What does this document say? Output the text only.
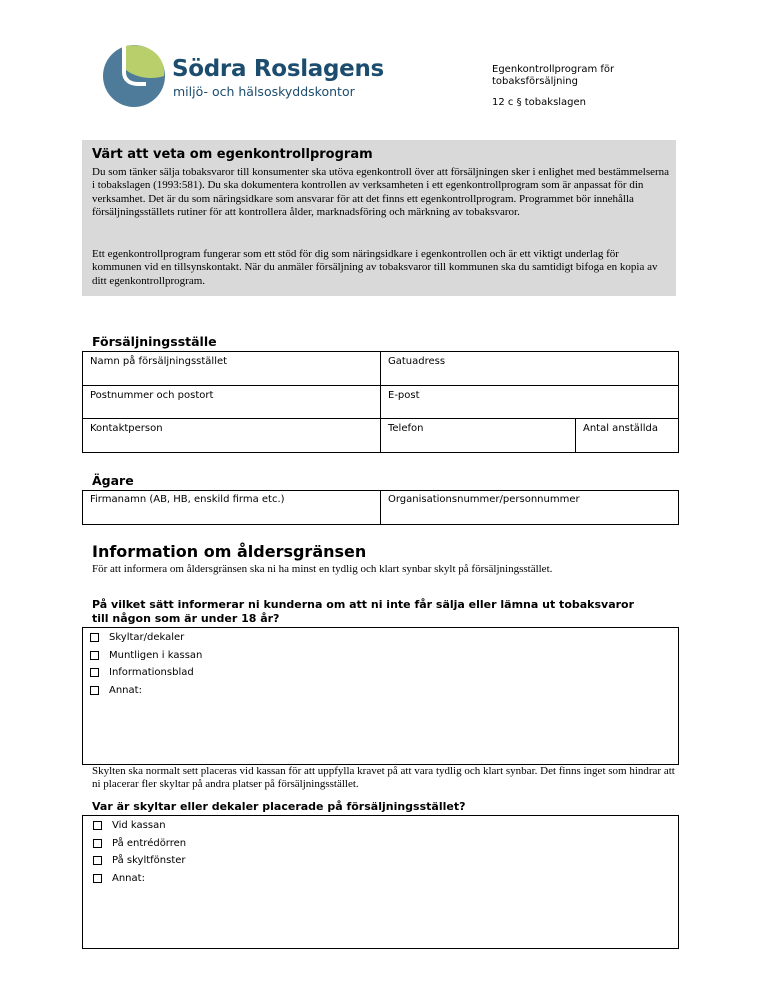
Södra Roslagens
miljö- och hälsoskyddskontor
Egenkontrollprogram för tobaksförsäljning
12 c § tobakslagen
Värt att veta om egenkontrollprogram
Du som tänker sälja tobaksvaror till konsumenter ska utöva egenkontroll över att försäljningen sker i enlighet med bestämmelserna i tobakslagen (1993:581). Du ska dokumentera kontrollen av verksamheten i ett egenkontrollprogram som är anpassat för din verksamhet. Det är du som näringsidkare som ansvarar för att det finns ett egenkontrollprogram. Programmet bör innehålla försäljningsställets rutiner för att kontrollera ålder, marknadsföring och märkning av tobaksvaror.
Ett egenkontrollprogram fungerar som ett stöd för dig som näringsidkare i egenkontrollen och är ett viktigt underlag för kommunen vid en tillsynskontakt. När du anmäler försäljning av tobaksvaror till kommunen ska du samtidigt bifoga en kopia av ditt egenkontrollprogram.
Försäljningsställe
Namn på försäljningsstället	Gatuadress
Postnummer och postort	E-post
Kontaktperson	Telefon	Antal anställda
Ägare
Firmanamn (AB, HB, enskild firma etc.)	Organisationsnummer/personnummer
Information om åldersgränsen
För att informera om åldersgränsen ska ni ha minst en tydlig och klart synbar skylt på försäljningsstället.
På vilket sätt informerar ni kunderna om att ni inte får sälja eller lämna ut tobaksvaror till någon som är under 18 år?
Skyltar/dekaler
Muntligen i kassan
Informationsblad
Annat:
Skylten ska normalt sett placeras vid kassan för att uppfylla kravet på att vara tydlig och klart synbar. Det finns inget som hindrar att ni placerar fler skyltar på andra platser på försäljningsstället.
Var är skyltar eller dekaler placerade på försäljningsstället?
Vid kassan
På entrédörren
På skyltfönster
Annat:
